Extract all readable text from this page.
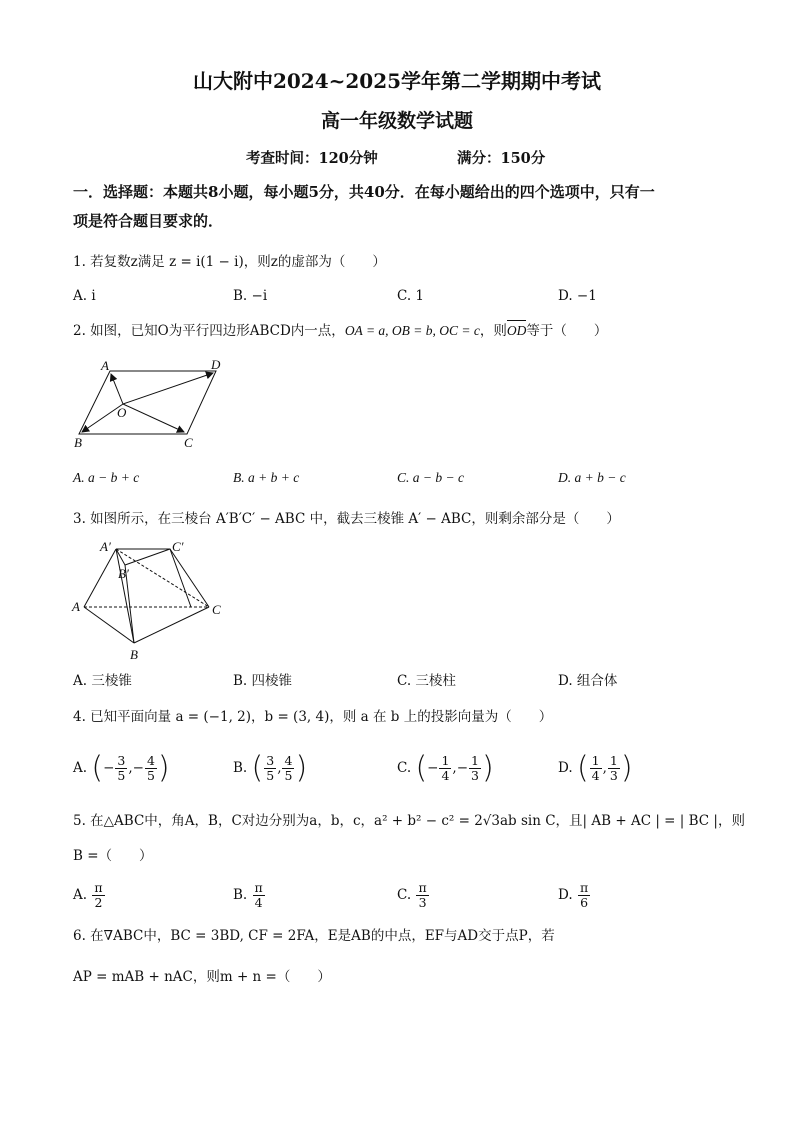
山大附中2024~2025学年第二学期期中考试
高一年级数学试题
考查时间：120分钟	满分：150分
一．选择题：本题共8小题，每小题5分，共40分．在每小题给出的四个选项中，只有一
项是符合题目要求的．
1. 若复数z满足 z = i(1 − i)，则z的虚部为（　　）
A. i	B. −i	C. 1	D. −1
2. 如图，已知O为平行四边形ABCD内一点，OA = a, OB = b, OC = c，则OD等于（　　）
A	D
O
B	C
A. a − b + c	B. a + b + c	C. a − b − c	D. a + b − c
3. 如图所示，在三棱台 A′B′C′ − ABC 中，截去三棱锥 A′ − ABC，则剩余部分是（　　）
A′	C′
B′
A	C
B
A. 三棱锥	B. 四棱锥	C. 三棱柱	D. 组合体
4. 已知平面向量 a = (−1, 2)，b = (3, 4)，则 a 在 b 上的投影向量为（　　）
A. (− $\frac{3}{5}$ ,− $\frac{4}{5}$ )	B. ( $\frac{3}{5}$ , $\frac{4}{5}$ )	C. (− $\frac{1}{4}$ ,− $\frac{1}{3}$ )	D. ( $\frac{1}{4}$ , $\frac{1}{3}$ )
5. 在△ABC中，角A，B，C对边分别为a，b，c，a² + b² − c² = 2√3ab sin C，且| AB + AC | = | BC |，则
B =（　　）
A. $\frac{\pi}{2}$	B. $\frac{\pi}{4}$	C. $\frac{\pi}{3}$	D. $\frac{\pi}{6}$
6. 在∇ABC中，BC = 3BD, CF = 2FA，E是AB的中点，EF与AD交于点P，若
AP = mAB + nAC，则m + n =（　　）
